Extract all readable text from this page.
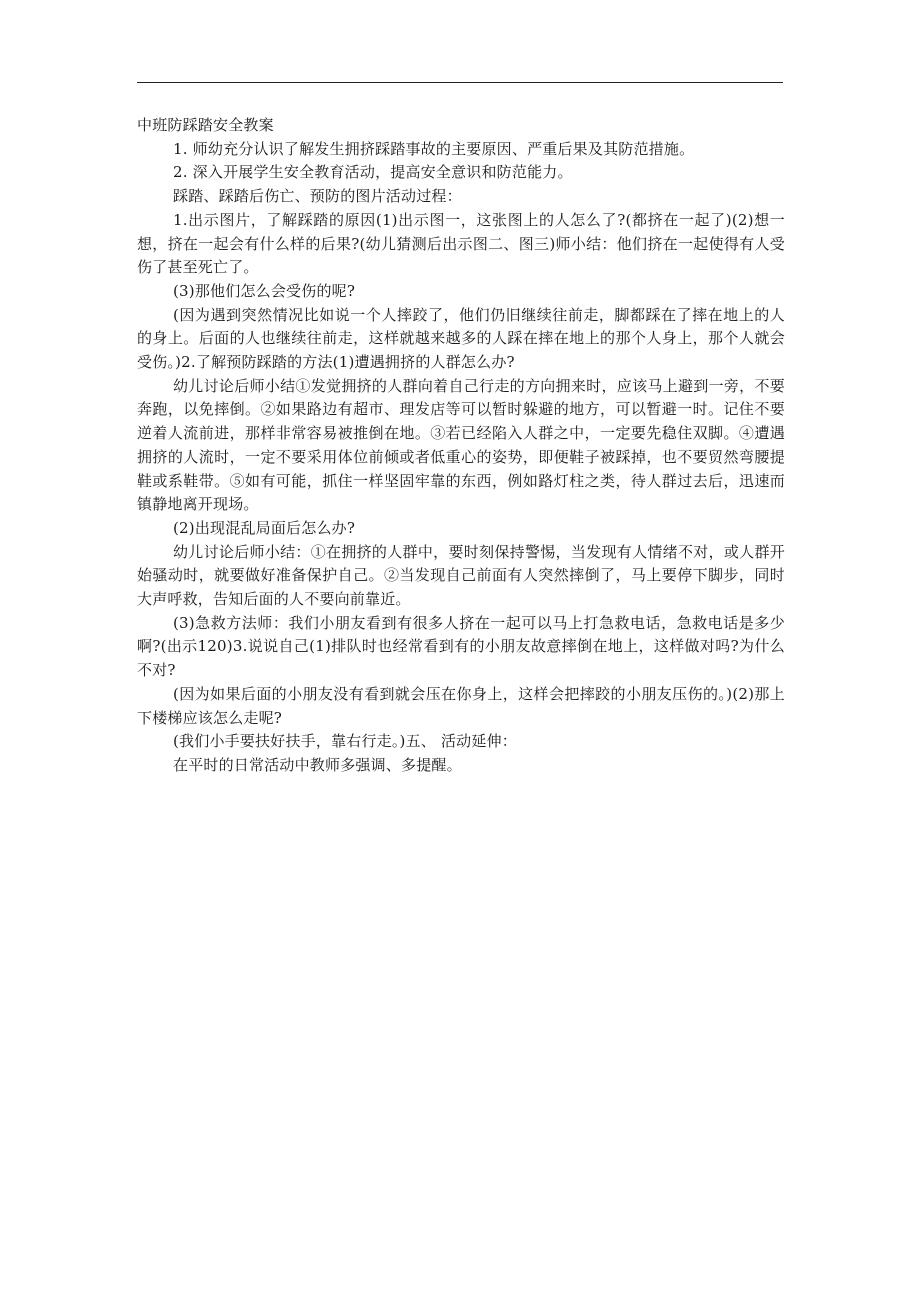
中班防踩踏安全教案

1. 师幼充分认识了解发生拥挤踩踏事故的主要原因、严重后果及其防范措施。

2. 深入开展学生安全教育活动，提高安全意识和防范能力。

踩踏、踩踏后伤亡、预防的图片活动过程：

1.出示图片，了解踩踏的原因(1)出示图一，这张图上的人怎么了?(都挤在一起了)(2)想一想，挤在一起会有什么样的后果?(幼儿猜测后出示图二、图三)师小结：他们挤在一起使得有人受伤了甚至死亡了。

(3)那他们怎么会受伤的呢?

(因为遇到突然情况比如说一个人摔跤了，他们仍旧继续往前走，脚都踩在了摔在地上的人的身上。后面的人也继续往前走，这样就越来越多的人踩在摔在地上的那个人身上，那个人就会受伤。)2.了解预防踩踏的方法(1)遭遇拥挤的人群怎么办?

幼儿讨论后师小结①发觉拥挤的人群向着自己行走的方向拥来时，应该马上避到一旁，不要奔跑，以免摔倒。②如果路边有超市、理发店等可以暂时躲避的地方，可以暂避一时。记住不要逆着人流前进，那样非常容易被推倒在地。③若已经陷入人群之中，一定要先稳住双脚。④遭遇拥挤的人流时，一定不要采用体位前倾或者低重心的姿势，即便鞋子被踩掉，也不要贸然弯腰提鞋或系鞋带。⑤如有可能，抓住一样坚固牢靠的东西，例如路灯柱之类，待人群过去后，迅速而镇静地离开现场。

(2)出现混乱局面后怎么办?

幼儿讨论后师小结：①在拥挤的人群中，要时刻保持警惕，当发现有人情绪不对，或人群开始骚动时，就要做好准备保护自己。②当发现自己前面有人突然摔倒了，马上要停下脚步，同时大声呼救，告知后面的人不要向前靠近。

(3)急救方法师：我们小朋友看到有很多人挤在一起可以马上打急救电话，急救电话是多少啊?(出示120)3.说说自己(1)排队时也经常看到有的小朋友故意摔倒在地上，这样做对吗?为什么不对?

(因为如果后面的小朋友没有看到就会压在你身上，这样会把摔跤的小朋友压伤的。)(2)那上下楼梯应该怎么走呢?

(我们小手要扶好扶手，靠右行走。)五、 活动延伸：

在平时的日常活动中教师多强调、多提醒。
